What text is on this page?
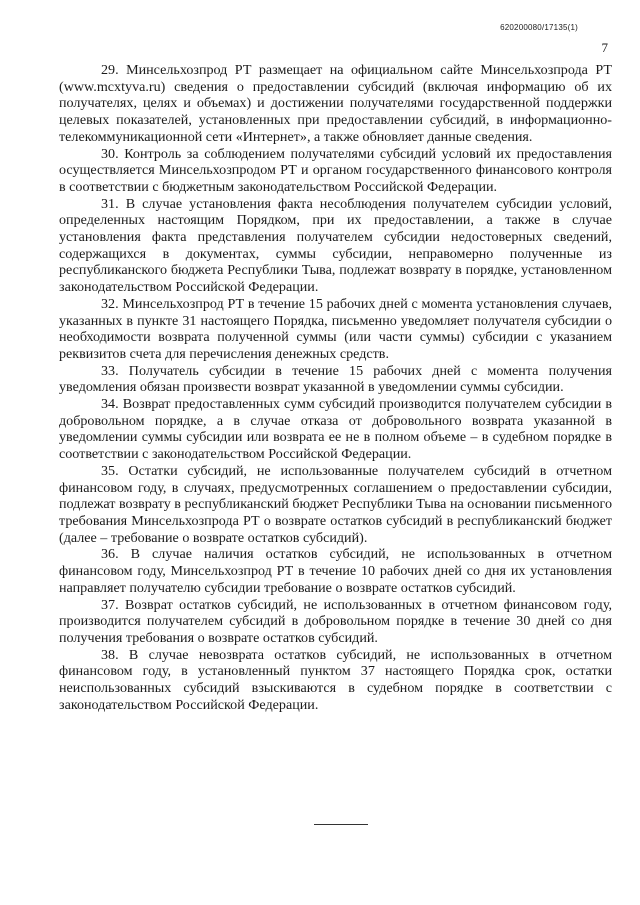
620200080/17135(1)
7

29. Минсельхозпрод РТ размещает на официальном сайте Минсельхозпрода РТ (www.mcxtyva.ru) сведения о предоставлении субсидий (включая информацию об их получателях, целях и объемах) и достижении получателями государственной поддержки целевых показателей, установленных при предоставлении субсидий, в информационно-телекоммуникационной сети «Интернет», а также обновляет данные сведения.

30. Контроль за соблюдением получателями субсидий условий их предоставления осуществляется Минсельхозпродом РТ и органом государственного финансового контроля в соответствии с бюджетным законодательством Российской Федерации.

31. В случае установления факта несоблюдения получателем субсидии условий, определенных настоящим Порядком, при их предоставлении, а также в случае установления факта представления получателем субсидии недостоверных сведений, содержащихся в документах, суммы субсидии, неправомерно полученные из республиканского бюджета Республики Тыва, подлежат возврату в порядке, установленном законодательством Российской Федерации.

32. Минсельхозпрод РТ в течение 15 рабочих дней с момента установления случаев, указанных в пункте 31 настоящего Порядка, письменно уведомляет получателя субсидии о необходимости возврата полученной суммы (или части суммы) субсидии с указанием реквизитов счета для перечисления денежных средств.

33. Получатель субсидии в течение 15 рабочих дней с момента получения уведомления обязан произвести возврат указанной в уведомлении суммы субсидии.

34. Возврат предоставленных сумм субсидий производится получателем субсидии в добровольном порядке, а в случае отказа от добровольного возврата указанной в уведомлении суммы субсидии или возврата ее не в полном объеме – в судебном порядке в соответствии с законодательством Российской Федерации.

35. Остатки субсидий, не использованные получателем субсидий в отчетном финансовом году, в случаях, предусмотренных соглашением о предоставлении субсидии, подлежат возврату в республиканский бюджет Республики Тыва на основании письменного требования Минсельхозпрода РТ о возврате остатков субсидий в республиканский бюджет (далее – требование о возврате остатков субсидий).

36. В случае наличия остатков субсидий, не использованных в отчетном финансовом году, Минсельхозпрод РТ в течение 10 рабочих дней со дня их установления направляет получателю субсидии требование о возврате остатков субсидий.

37. Возврат остатков субсидий, не использованных в отчетном финансовом году, производится получателем субсидий в добровольном порядке в течение 30 дней со дня получения требования о возврате остатков субсидий.

38. В случае невозврата остатков субсидий, не использованных в отчетном финансовом году, в установленный пунктом 37 настоящего Порядка срок, остатки неиспользованных субсидий взыскиваются в судебном порядке в соответствии с законодательством Российской Федерации.
